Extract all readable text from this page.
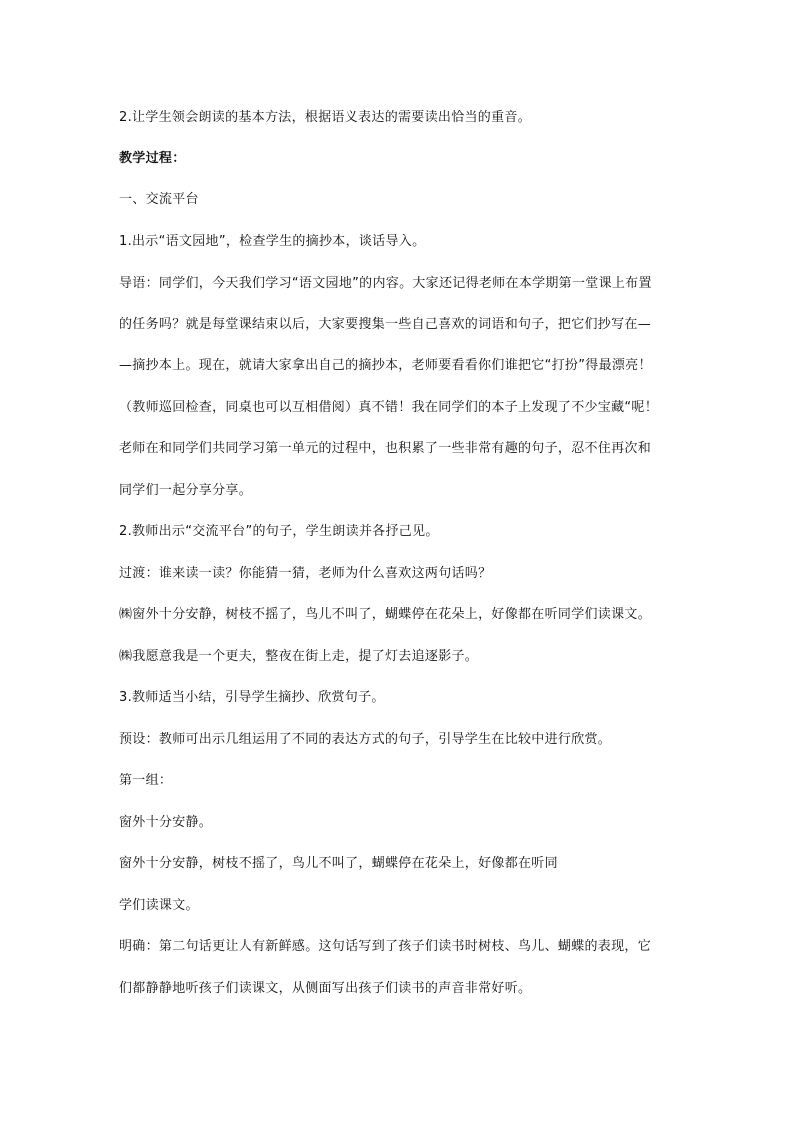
2.让学生领会朗读的基本方法，根据语义表达的需要读出恰当的重音。
教学过程：
一、交流平台
1.出示“语文园地”，检查学生的摘抄本，谈话导入。
导语：同学们，今天我们学习“语文园地”的内容。大家还记得老师在本学期第一堂课上布置
的任务吗？就是每堂课结束以后，大家要搜集一些自己喜欢的词语和句子，把它们抄写在—
—摘抄本上。现在，就请大家拿出自己的摘抄本，老师要看看你们谁把它“打扮”得最漂亮！
（教师巡回检查，同桌也可以互相借阅）真不错！我在同学们的本子上发现了不少宝藏“呢！
老师在和同学们共同学习第一单元的过程中，也积累了一些非常有趣的句子，忍不住再次和
同学们一起分享分享。
2.教师出示“交流平台”的句子，学生朗读并各抒己见。
过渡：谁来读一读？你能猜一猜，老师为什么喜欢这两句话吗？
㈱窗外十分安静，树枝不摇了，鸟儿不叫了，蝴蝶停在花朵上，好像都在听同学们读课文。
㈱我愿意我是一个更夫，整夜在街上走，提了灯去追逐影子。
3.教师适当小结，引导学生摘抄、欣赏句子。
预设：教师可出示几组运用了不同的表达方式的句子，引导学生在比较中进行欣赏。
第一组：
窗外十分安静。
窗外十分安静，树枝不摇了，鸟儿不叫了，蝴蝶停在花朵上，好像都在听同
学们读课文。
明确：第二句话更让人有新鲜感。这句话写到了孩子们读书时树枝、鸟儿、蝴蝶的表现，它
们都静静地听孩子们读课文，从侧面写出孩子们读书的声音非常好听。
